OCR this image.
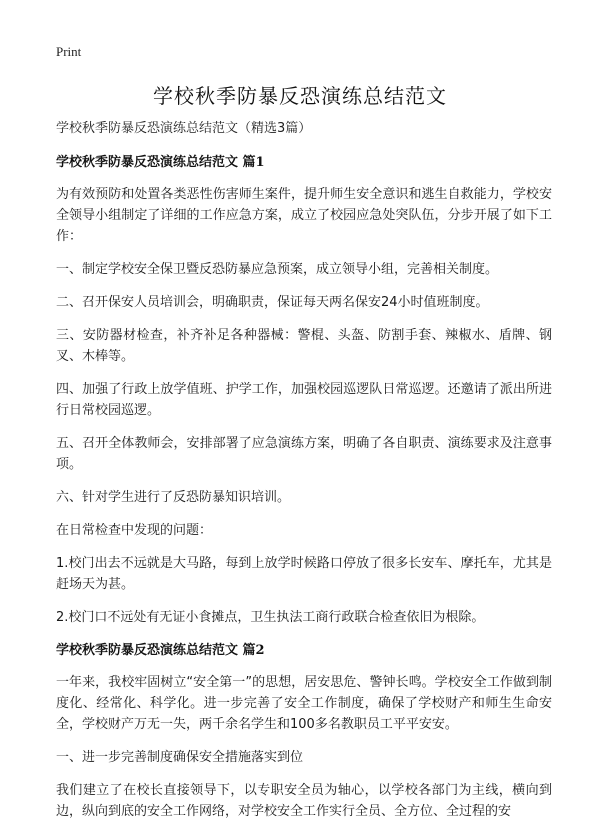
Print
学校秋季防暴反恐演练总结范文

学校秋季防暴反恐演练总结范文（精选3篇）

学校秋季防暴反恐演练总结范文 篇1

为有效预防和处置各类恶性伤害师生案件，提升师生安全意识和逃生自救能力，学校安全领导小组制定了详细的工作应急方案，成立了校园应急处突队伍，分步开展了如下工作：

一、制定学校安全保卫暨反恐防暴应急预案，成立领导小组，完善相关制度。

二、召开保安人员培训会，明确职责，保证每天两名保安24小时值班制度。

三、安防器材检查，补齐补足各种器械：警棍、头盔、防割手套、辣椒水、盾牌、钢叉、木棒等。

四、加强了行政上放学值班、护学工作，加强校园巡逻队日常巡逻。还邀请了派出所进行日常校园巡逻。

五、召开全体教师会，安排部署了应急演练方案，明确了各自职责、演练要求及注意事项。

六、针对学生进行了反恐防暴知识培训。

在日常检查中发现的问题：

1.校门出去不远就是大马路，每到上放学时候路口停放了很多长安车、摩托车，尤其是赶场天为甚。

2.校门口不远处有无证小食摊点，卫生执法工商行政联合检查依旧为根除。

学校秋季防暴反恐演练总结范文 篇2

一年来，我校牢固树立“安全第一”的思想，居安思危、警钟长鸣。学校安全工作做到制度化、经常化、科学化。进一步完善了安全工作制度，确保了学校财产和师生生命安全，学校财产万无一失，两千余名学生和100多名教职员工平平安安。

一、进一步完善制度确保安全措施落实到位

我们建立了在校长直接领导下，以专职安全员为轴心，以学校各部门为主线，横向到边，纵向到底的安全工作网络，对学校安全工作实行全员、全方位、全过程的安
